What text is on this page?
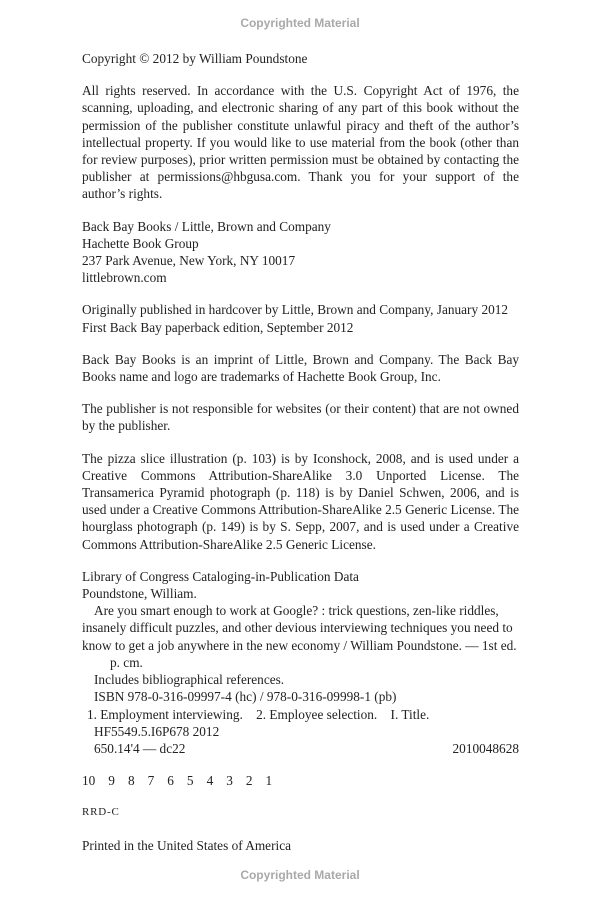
Copyrighted Material

Copyright © 2012 by William Poundstone

All rights reserved. In accordance with the U.S. Copyright Act of 1976, the scanning, uploading, and electronic sharing of any part of this book without the permission of the publisher constitute unlawful piracy and theft of the author’s intellectual property. If you would like to use material from the book (other than for review purposes), prior written permission must be obtained by contacting the publisher at permissions@hbgusa.com. Thank you for your support of the author’s rights.

Back Bay Books / Little, Brown and Company
Hachette Book Group
237 Park Avenue, New York, NY 10017
littlebrown.com

Originally published in hardcover by Little, Brown and Company, January 2012
First Back Bay paperback edition, September 2012

Back Bay Books is an imprint of Little, Brown and Company. The Back Bay Books name and logo are trademarks of Hachette Book Group, Inc.

The publisher is not responsible for websites (or their content) that are not owned by the publisher.

The pizza slice illustration (p. 103) is by Iconshock, 2008, and is used under a Creative Commons Attribution-ShareAlike 3.0 Unported License. The Transamerica Pyramid photograph (p. 118) is by Daniel Schwen, 2006, and is used under a Creative Commons Attribution-ShareAlike 2.5 Generic License. The hourglass photograph (p. 149) is by S. Sepp, 2007, and is used under a Creative Commons Attribution-ShareAlike 2.5 Generic License.

Library of Congress Cataloging-in-Publication Data
Poundstone, William.
Are you smart enough to work at Google? : trick questions, zen-like riddles,
insanely difficult puzzles, and other devious interviewing techniques you need to
know to get a job anywhere in the new economy / William Poundstone. — 1st ed.
p. cm.
Includes bibliographical references.
ISBN 978-0-316-09997-4 (hc) / 978-0-316-09998-1 (pb)
1. Employment interviewing.    2. Employee selection.    I. Title.
HF5549.5.I6P678 2012
650.14'4 — dc22	2010048628

10 9 8 7 6 5 4 3 2 1

RRD-C

Printed in the United States of America

Copyrighted Material
